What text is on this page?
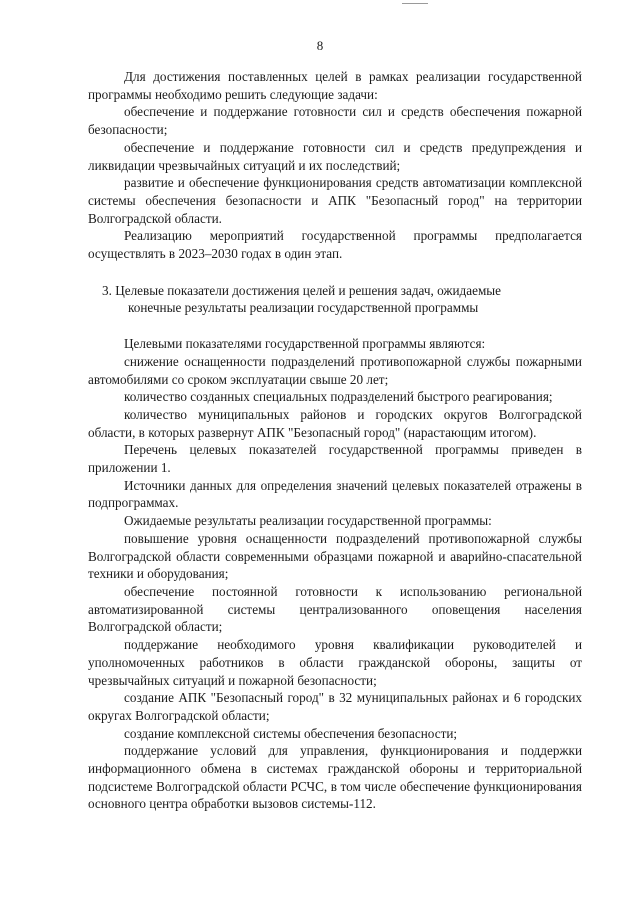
8

Для достижения поставленных целей в рамках реализации государственной программы необходимо решить следующие задачи:

обеспечение и поддержание готовности сил и средств обеспечения пожарной безопасности;

обеспечение и поддержание готовности сил и средств предупреждения и ликвидации чрезвычайных ситуаций и их последствий;

развитие и обеспечение функционирования средств автоматизации комплексной системы обеспечения безопасности и АПК "Безопасный город" на территории Волгоградской области.

Реализацию мероприятий государственной программы предполагается осуществлять в 2023–2030 годах в один этап.

3. Целевые показатели достижения целей и решения задач, ожидаемые
конечные результаты реализации государственной программы

Целевыми показателями государственной программы являются:

снижение оснащенности подразделений противопожарной службы пожарными автомобилями со сроком эксплуатации свыше 20 лет;

количество созданных специальных подразделений быстрого реагирования;

количество муниципальных районов и городских округов Волгоградской области, в которых развернут АПК "Безопасный город" (нарастающим итогом).

Перечень целевых показателей государственной программы приведен в приложении 1.

Источники данных для определения значений целевых показателей отражены в подпрограммах.

Ожидаемые результаты реализации государственной программы:

повышение уровня оснащенности подразделений противопожарной службы Волгоградской области современными образцами пожарной и аварийно-спасательной техники и оборудования;

обеспечение постоянной готовности к использованию региональной автоматизированной системы централизованного оповещения населения Волгоградской области;

поддержание необходимого уровня квалификации руководителей и уполномоченных работников в области гражданской обороны, защиты от чрезвычайных ситуаций и пожарной безопасности;

создание АПК "Безопасный город" в 32 муниципальных районах и 6 городских округах Волгоградской области;

создание комплексной системы обеспечения безопасности;

поддержание условий для управления, функционирования и поддержки информационного обмена в системах гражданской обороны и территориальной подсистеме Волгоградской области РСЧС, в том числе обеспечение функционирования основного центра обработки вызовов системы-112.
